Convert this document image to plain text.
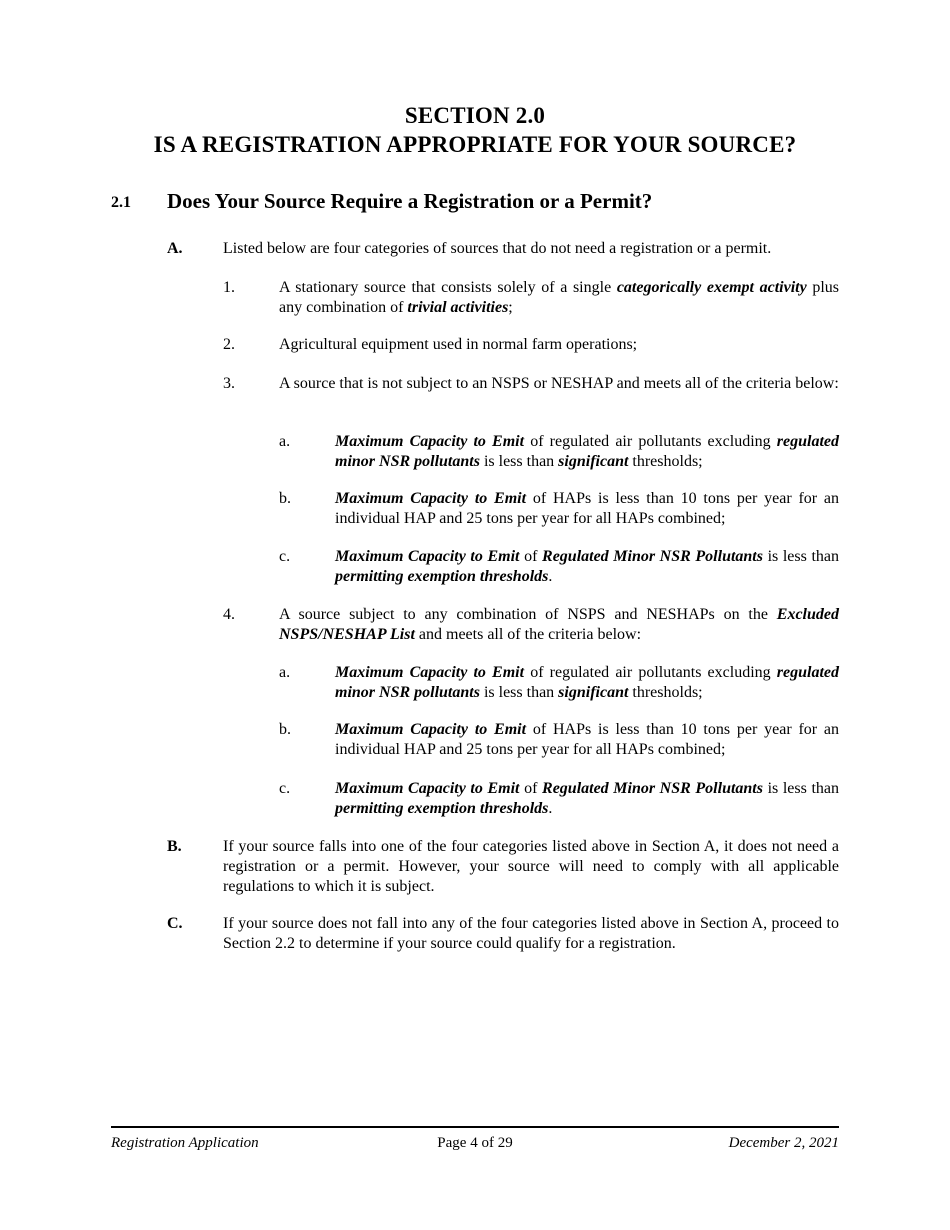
SECTION 2.0
IS A REGISTRATION APPROPRIATE FOR YOUR SOURCE?
2.1 Does Your Source Require a Registration or a Permit?
A.	Listed below are four categories of sources that do not need a registration or a permit.
1.	A stationary source that consists solely of a single categorically exempt activity plus any combination of trivial activities;
2.	Agricultural equipment used in normal farm operations;
3.	A source that is not subject to an NSPS or NESHAP and meets all of the criteria below:
a.	Maximum Capacity to Emit of regulated air pollutants excluding regulated minor NSR pollutants is less than significant thresholds;
b.	Maximum Capacity to Emit of HAPs is less than 10 tons per year for an individual HAP and 25 tons per year for all HAPs combined;
c.	Maximum Capacity to Emit of Regulated Minor NSR Pollutants is less than permitting exemption thresholds.
4.	A source subject to any combination of NSPS and NESHAPs on the Excluded NSPS/NESHAP List and meets all of the criteria below:
a.	Maximum Capacity to Emit of regulated air pollutants excluding regulated minor NSR pollutants is less than significant thresholds;
b.	Maximum Capacity to Emit of HAPs is less than 10 tons per year for an individual HAP and 25 tons per year for all HAPs combined;
c.	Maximum Capacity to Emit of Regulated Minor NSR Pollutants is less than permitting exemption thresholds.
B.	If your source falls into one of the four categories listed above in Section A, it does not need a registration or a permit. However, your source will need to comply with all applicable regulations to which it is subject.
C.	If your source does not fall into any of the four categories listed above in Section A, proceed to Section 2.2 to determine if your source could qualify for a registration.
Registration Application	Page 4 of 29	December 2, 2021
